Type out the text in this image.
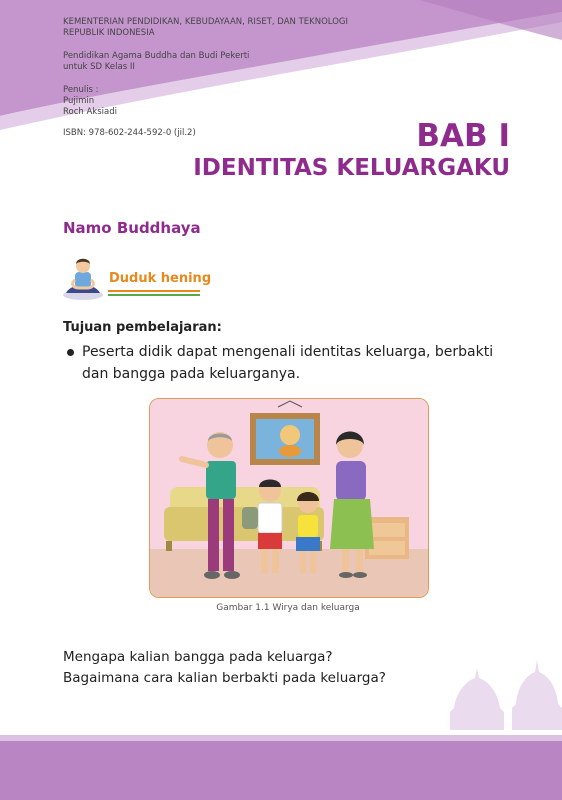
KEMENTERIAN PENDIDIKAN, KEBUDAYAAN, RISET, DAN TEKNOLOGI
REPUBLIK INDONESIA
Pendidikan Agama Buddha dan Budi Pekerti
untuk SD Kelas II
Penulis :
Pujimin
Roch Aksiadi
ISBN: 978-602-244-592-0 (jil.2)	BAB I
IDENTITAS KELUARGAKU
Namo Buddhaya
Duduk hening
Tujuan pembelajaran:
Peserta didik dapat mengenali identitas keluarga, berbakti dan bangga pada keluarganya.
Gambar 1.1 Wirya dan keluarga
Mengapa kalian bangga pada keluarga?
Bagaimana cara kalian berbakti pada keluarga?
